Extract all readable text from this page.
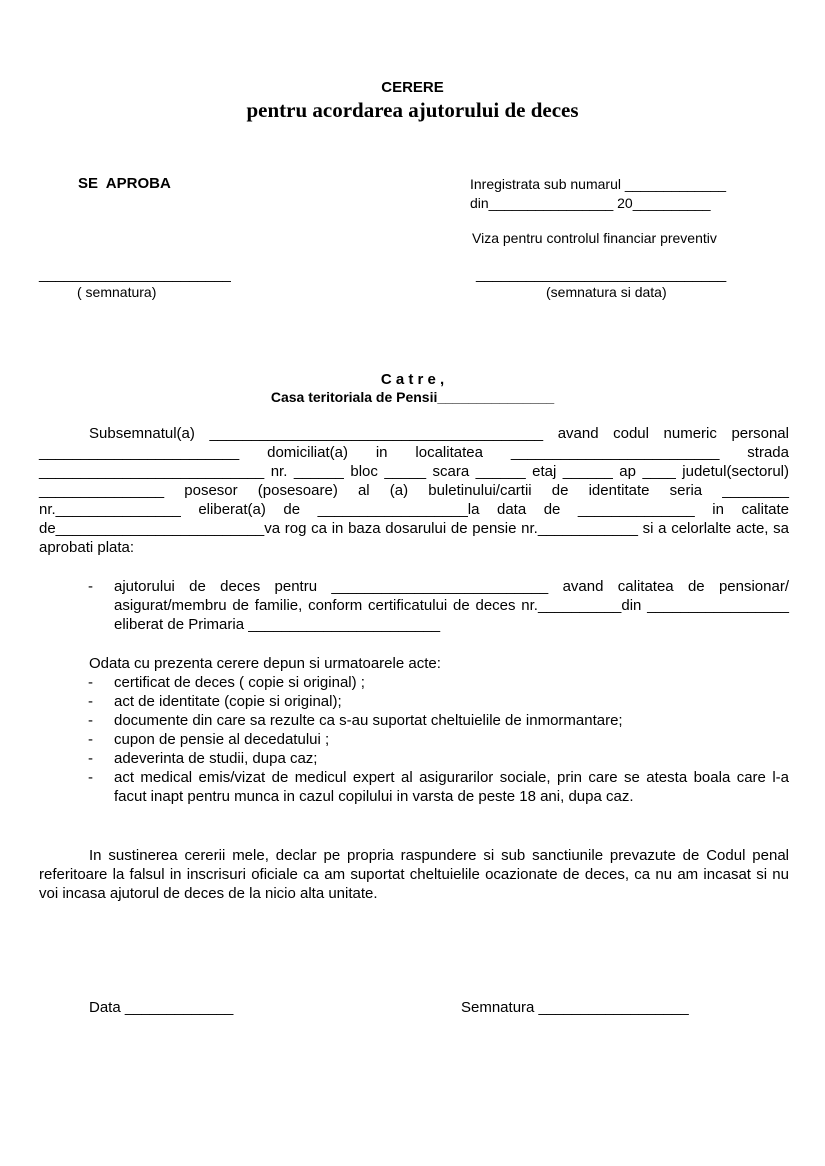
CERERE
pentru acordarea ajutorului de deces
SE  APROBA
_______________________
( semnatura)
Inregistrata sub numarul _____________
din________________ 20__________
Viza pentru controlul financiar preventiv
______________________________
(semnatura si data)
C a t r e ,
Casa teritoriala de Pensii_______________

Subsemnatul(a) ________________________________________ avand codul numeric personal ________________________ domiciliat(a) in localitatea _________________________ strada ___________________________ nr. ______ bloc _____ scara ______ etaj ______ ap ____ judetul(sectorul) _______________ posesor (posesoare) al (a) buletinului/cartii de identitate seria ________ nr._______________ eliberat(a) de __________________la data de ______________ in calitate de_________________________va rog ca in baza dosarului de pensie nr.____________ si a celorlalte acte, sa aprobati plata:

- ajutorului de deces pentru __________________________ avand calitatea de pensionar/ asigurat/membru de familie, conform certificatului de deces nr.__________din _________________ eliberat de Primaria _______________________
Odata cu prezenta cerere depun si urmatoarele acte:
- certificat de deces ( copie si original) ;
- act de identitate (copie si original);
- documente din care sa rezulte ca s-au suportat cheltuielile de inmormantare;
- cupon de pensie al decedatului ;
- adeverinta de studii, dupa caz;
- act medical emis/vizat de medicul expert al asigurarilor sociale, prin care se atesta boala care l-a facut inapt pentru munca in cazul copilului in varsta de peste 18 ani, dupa caz.

In sustinerea cererii mele, declar pe propria raspundere si sub sanctiunile prevazute de Codul penal referitoare la falsul in inscrisuri oficiale ca am suportat cheltuielile ocazionate de deces, ca nu am incasat si nu voi incasa ajutorul de deces de la nicio alta unitate.

Data _____________	Semnatura __________________
